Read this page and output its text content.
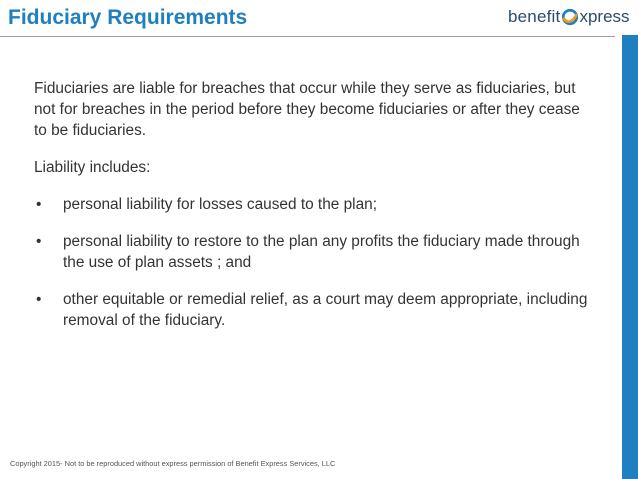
Fiduciary Requirements	benefit xpress

Fiduciaries are liable for breaches that occur while they serve as fiduciaries, but not for breaches in the period before they become fiduciaries or after they cease to be fiduciaries.

Liability includes:

• personal liability for losses caused to the plan;
• personal liability to restore to the plan any profits the fiduciary made through the use of plan assets ; and
• other equitable or remedial relief, as a court may deem appropriate, including removal of the fiduciary.
Copyright 2015- Not to be reproduced without express permission of Benefit Express Services, LLC
